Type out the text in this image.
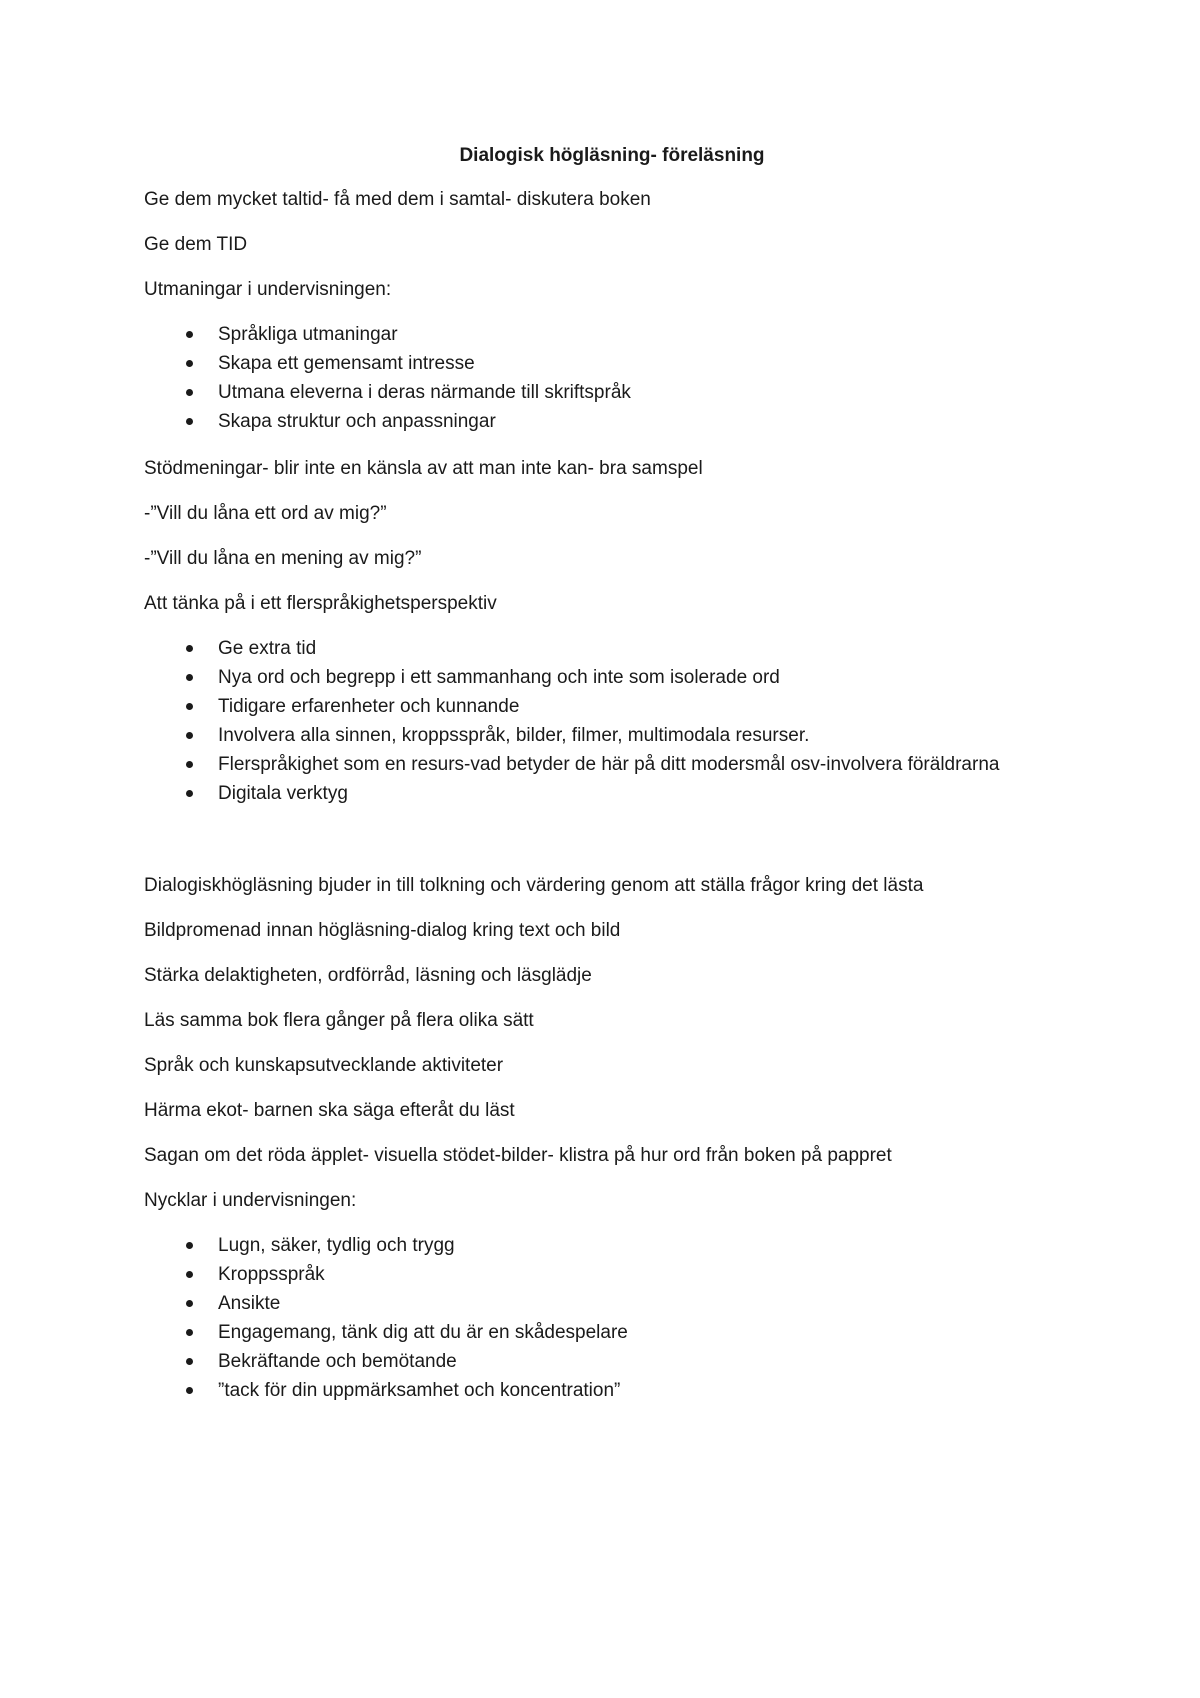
Dialogisk högläsning- föreläsning

Ge dem mycket taltid- få med dem i samtal- diskutera boken

Ge dem TID

Utmaningar i undervisningen:

Språkliga utmaningar
Skapa ett gemensamt intresse
Utmana eleverna i deras närmande till skriftspråk
Skapa struktur och anpassningar

Stödmeningar- blir inte en känsla av att man inte kan- bra samspel

-”Vill du låna ett ord av mig?”

-”Vill du låna en mening av mig?”

Att tänka på i ett flerspråkighetsperspektiv

Ge extra tid
Nya ord och begrepp i ett sammanhang och inte som isolerade ord
Tidigare erfarenheter och kunnande
Involvera alla sinnen, kroppsspråk, bilder, filmer, multimodala resurser.
Flerspråkighet som en resurs-vad betyder de här på ditt modersmål osv-involvera föräldrarna
Digitala verktyg

Dialogiskhögläsning bjuder in till tolkning och värdering genom att ställa frågor kring det lästa

Bildpromenad innan högläsning-dialog kring text och bild

Stärka delaktigheten, ordförråd, läsning och läsglädje

Läs samma bok flera gånger på flera olika sätt

Språk och kunskapsutvecklande aktiviteter

Härma ekot- barnen ska säga efteråt du läst

Sagan om det röda äpplet- visuella stödet-bilder- klistra på hur ord från boken på pappret

Nycklar i undervisningen:

Lugn, säker, tydlig och trygg
Kroppsspråk
Ansikte
Engagemang, tänk dig att du är en skådespelare
Bekräftande och bemötande
”tack för din uppmärksamhet och koncentration”
